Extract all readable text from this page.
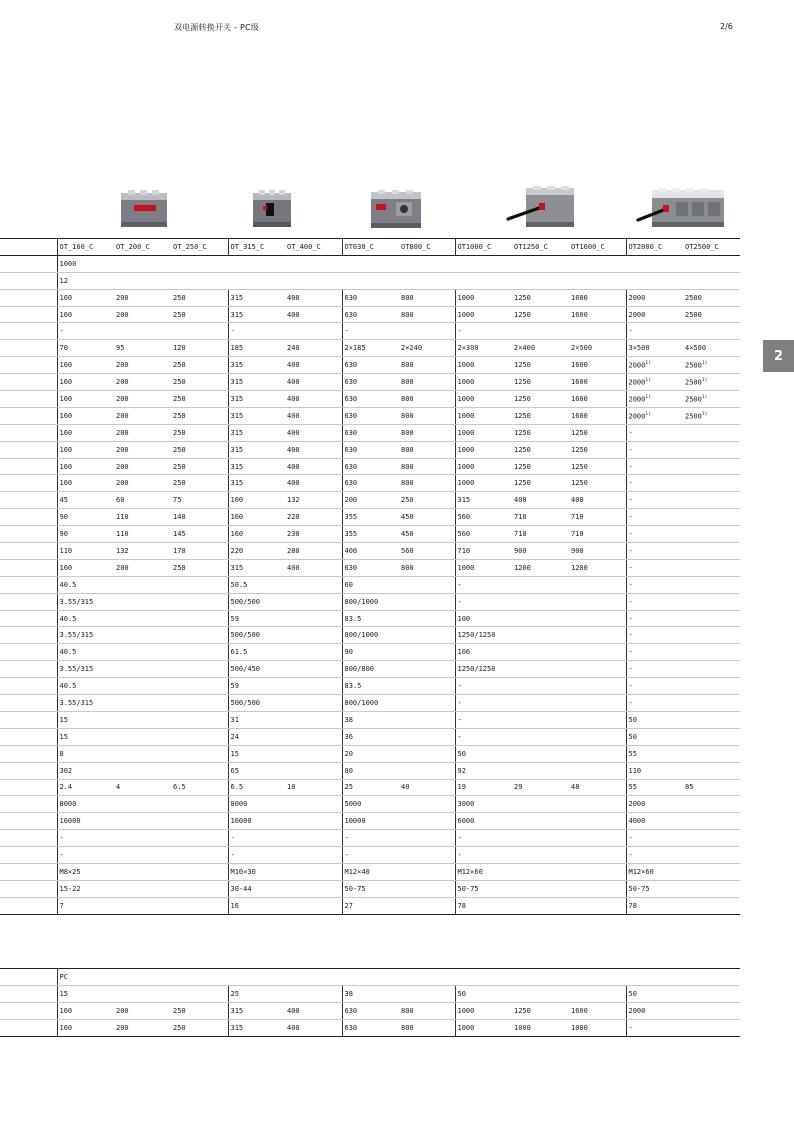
双电源转换开关 - PC级	2/6
2
	OT_160_C	OT_200_C	OT_250_C	OT_315_C	OT_400_C	OT630_C	OT800_C	OT1000_C	OT1250_C	OT1600_C	OT2000_C	OT2500_C
	1000											
	12											
	160	200	250	315	400	630	800	1000	1250	1600	2000	2500
	160	200	250	315	400	630	800	1000	1250	1600	2000	2500
	-			-		-		-			-	
	70	95	120	185	240	2×185	2×240	2×300	2×400	2×500	3×500	4×500
	160	200	250	315	400	630	800	1000	1250	1600	2000$^{1)}$	2500$^{1)}$
	160	200	250	315	400	630	800	1000	1250	1600	2000$^{1)}$	2500$^{1)}$
	160	200	250	315	400	630	800	1000	1250	1600	2000$^{1)}$	2500$^{1)}$
	160	200	250	315	400	630	800	1000	1250	1600	2000$^{1)}$	2500$^{1)}$
	160	200	250	315	400	630	800	1000	1250	1250	-	
	160	200	250	315	400	630	800	1000	1250	1250	-	
	160	200	250	315	400	630	800	1000	1250	1250	-	
	160	200	250	315	400	630	800	1000	1250	1250	-	
	45	60	75	100	132	200	250	315	400	400	-	
	90	110	140	160	220	355	450	560	710	710	-	
	90	110	145	160	230	355	450	560	710	710	-	
	110	132	170	220	280	400	560	710	900	900	-	
	160	200	250	315	400	630	800	1000	1200	1200	-	
	40.5			50.5		60		-			-	
	3.55/315			500/500		800/1000		-			-	
	40.5			59		83.5		100			-	
	3.55/315			500/500		800/1000		1250/1250			-	
	40.5			61.5		90		106			-	
	3.55/315			500/450		800/800		1250/1250			-	
	40.5			59		83.5		-			-	
	3.55/315			500/500		800/1000		-			-	
	15			31		38		-			50	
	15			24		36		-			50	
	8			15		20		50			55	
	302			65		80		92			110	
	2.4	4	6.5	6.5	10	25	40	19	29	48	55	85
	8000			8000		5000		3000			2000	
	16000			16000		10000		6000			4000	
	-			-		-		-			-	
	-			-		-		-			-	
	M8×25			M10×30		M12×40		M12×60			M12×60	
	15-22			30-44		50-75		50-75			50-75	
	7			16		27		78			78	
	PC										
	15			25		38		50			50
	160	200	250	315	400	630	800	1000	1250	1600	2000
	160	200	250	315	400	630	800	1000	1000	1000	-
